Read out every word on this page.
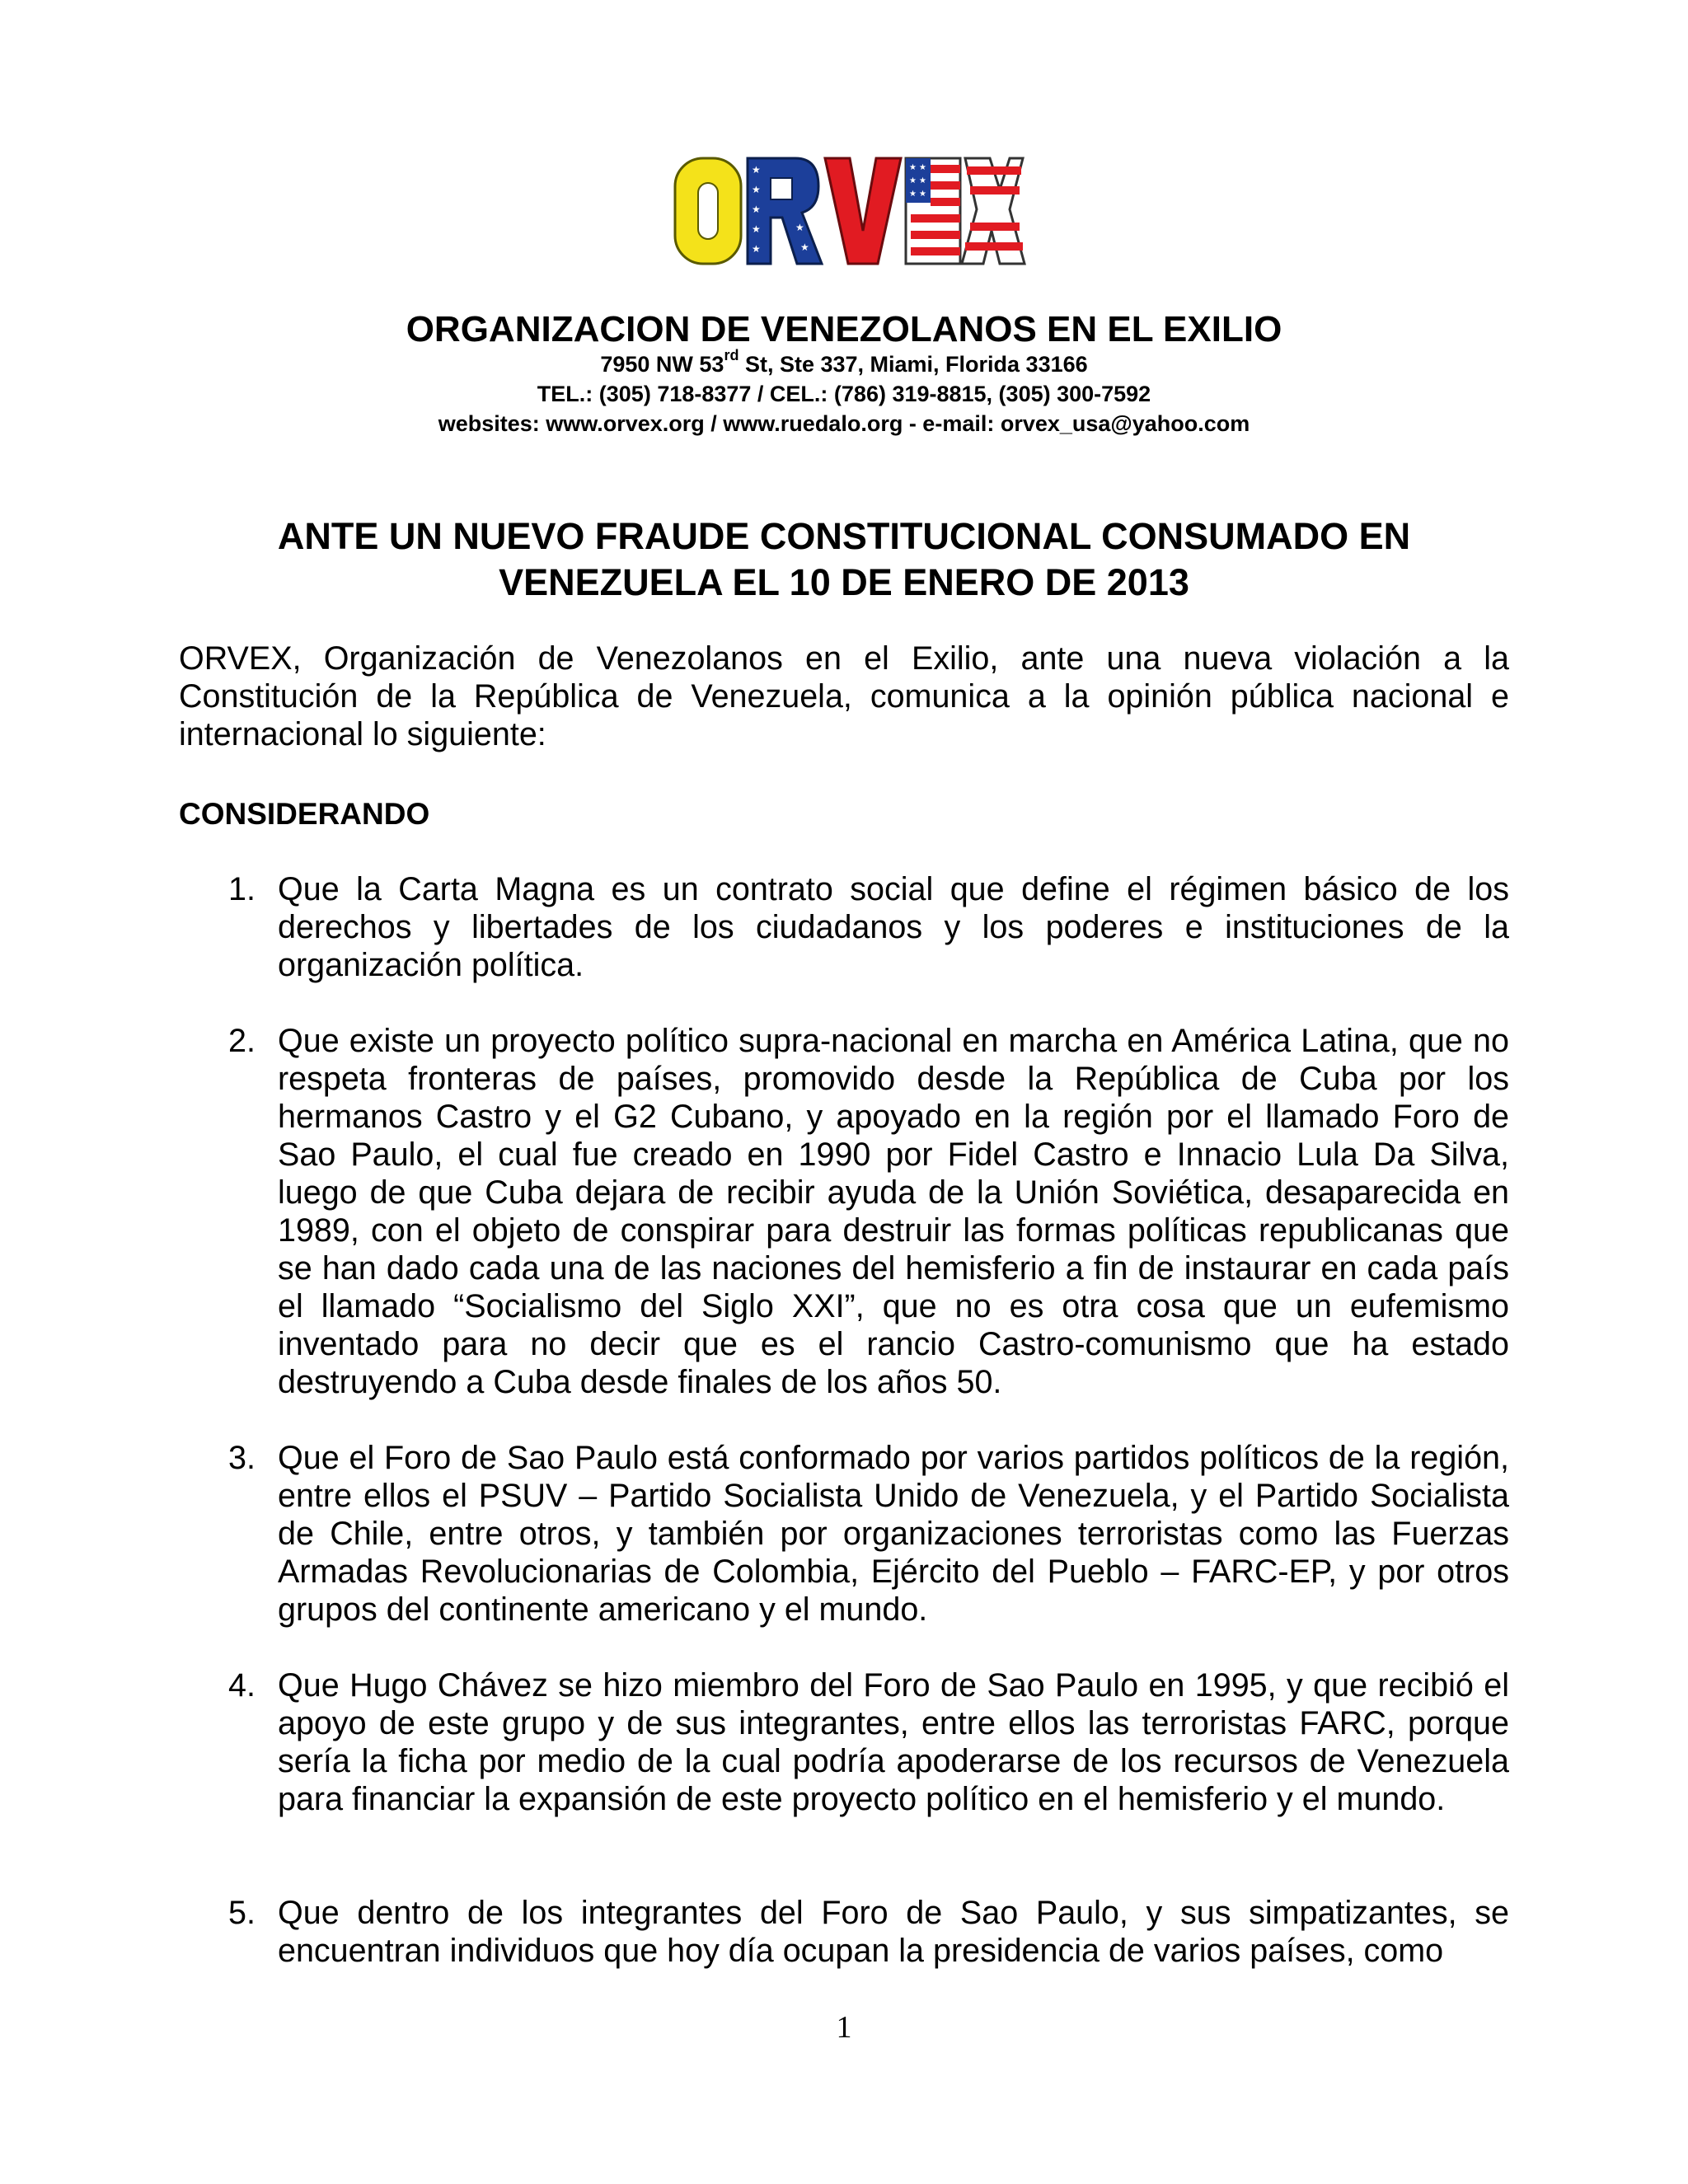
★
★
★
★
★
★
★
★ ★
★ ★
★ ★
ORGANIZACION DE VENEZOLANOS EN EL EXILIO
7950 NW 53rd St, Ste 337, Miami, Florida 33166
TEL.: (305) 718-8377 / CEL.: (786) 319-8815, (305) 300-7592
websites: www.orvex.org / www.ruedalo.org - e-mail: orvex_usa@yahoo.com
ANTE UN NUEVO FRAUDE CONSTITUCIONAL CONSUMADO EN
VENEZUELA EL 10 DE ENERO DE 2013
ORVEX, Organización de Venezolanos en el Exilio, ante una nueva violación a la Constitución de la República de Venezuela, comunica a la opinión pública nacional e internacional lo siguiente:
CONSIDERANDO
1. Que la Carta Magna es un contrato social que define el régimen básico de los derechos y libertades de los ciudadanos y los poderes e instituciones de la organización política.
2. Que existe un proyecto político supra-nacional en marcha en América Latina, que no respeta fronteras de países, promovido desde la República de Cuba por los hermanos Castro y el G2 Cubano, y apoyado en la región por el llamado Foro de Sao Paulo, el cual fue creado en 1990 por Fidel Castro e Innacio Lula Da Silva, luego de que Cuba dejara de recibir ayuda de la Unión Soviética, desaparecida en 1989, con el objeto de conspirar para destruir las formas políticas republicanas que se han dado cada una de las naciones del hemisferio a fin de instaurar en cada país el llamado “Socialismo del Siglo XXI”, que no es otra cosa que un eufemismo inventado para no decir que es el rancio Castro-comunismo que ha estado destruyendo a Cuba desde finales de los años 50.
3. Que el Foro de Sao Paulo está conformado por varios partidos políticos de la región, entre ellos el PSUV – Partido Socialista Unido de Venezuela, y el Partido Socialista de Chile, entre otros, y también por organizaciones terroristas como las Fuerzas Armadas Revolucionarias de Colombia, Ejército del Pueblo – FARC-EP, y por otros grupos del continente americano y el mundo.
4. Que Hugo Chávez se hizo miembro del Foro de Sao Paulo en 1995, y que recibió el apoyo de este grupo y de sus integrantes, entre ellos las terroristas FARC, porque sería la ficha por medio de la cual podría apoderarse de los recursos de Venezuela para financiar la expansión de este proyecto político en el hemisferio y el mundo.
5. Que dentro de los integrantes del Foro de Sao Paulo, y sus simpatizantes, se encuentran individuos que hoy día ocupan la presidencia de varios países, como
1
